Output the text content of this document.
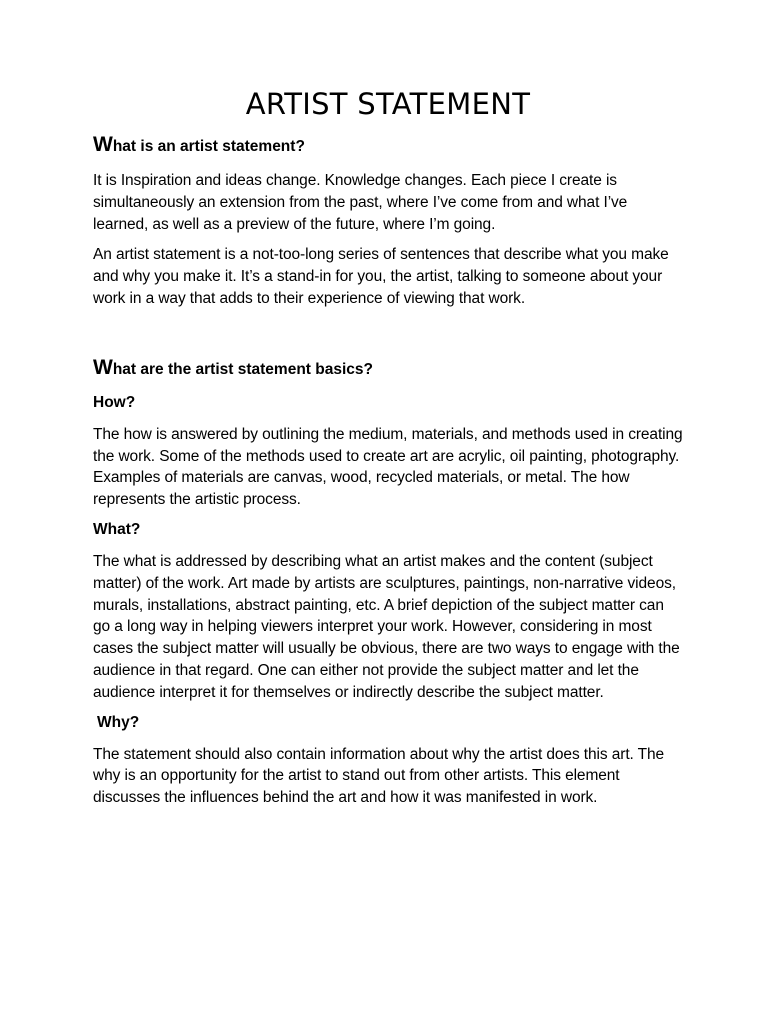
ARTIST STATEMENT
What is an artist statement?

It is Inspiration and ideas change. Knowledge changes. Each piece I create is simultaneously an extension from the past, where I’ve come from and what I’ve learned, as well as a preview of the future, where I’m going.

An artist statement is a not-too-long series of sentences that describe what you make and why you make it. It’s a stand-in for you, the artist, talking to someone about your work in a way that adds to their experience of viewing that work.

What are the artist statement basics?
How?

The how is answered by outlining the medium, materials, and methods used in creating the work. Some of the methods used to create art are acrylic, oil painting, photography. Examples of materials are canvas, wood, recycled materials, or metal. The how represents the artistic process.

What?

The what is addressed by describing what an artist makes and the content (subject matter) of the work. Art made by artists are sculptures, paintings, non-narrative videos, murals, installations, abstract painting, etc. A brief depiction of the subject matter can go a long way in helping viewers interpret your work. However, considering in most cases the subject matter will usually be obvious, there are two ways to engage with the audience in that regard. One can either not provide the subject matter and let the audience interpret it for themselves or indirectly describe the subject matter.

Why?

The statement should also contain information about why the artist does this art. The why is an opportunity for the artist to stand out from other artists. This element discusses the influences behind the art and how it was manifested in work.
